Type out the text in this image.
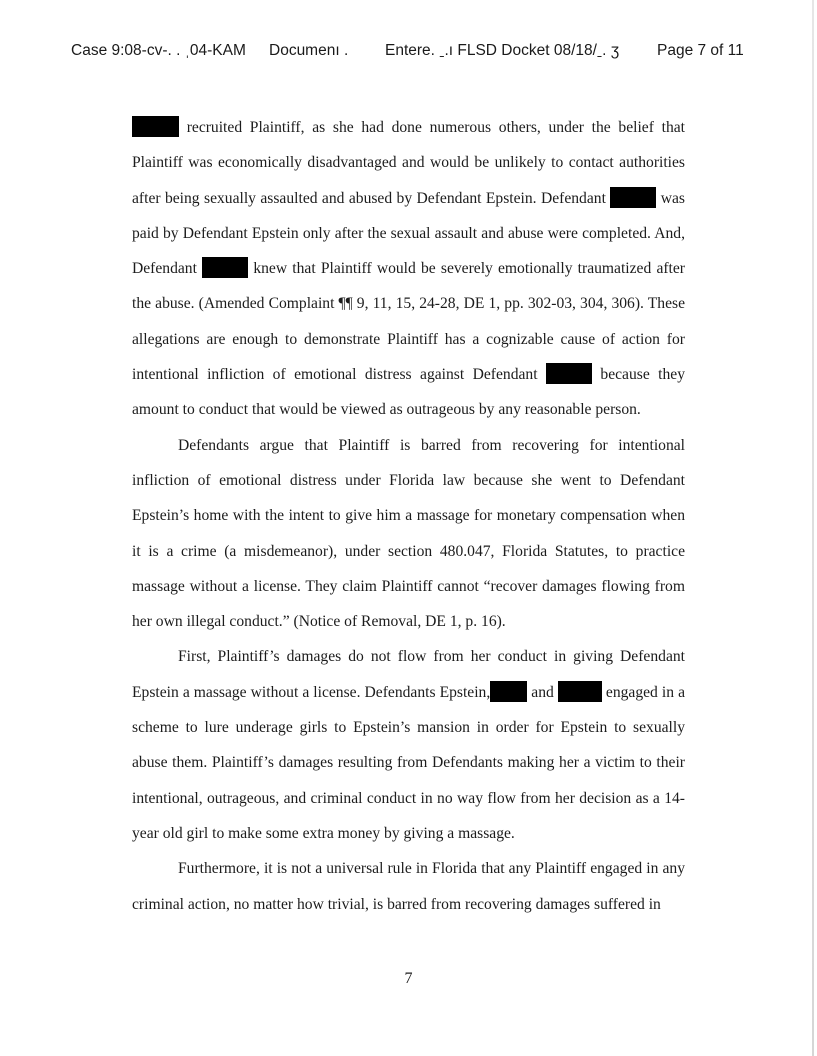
Case 9:08-cv-. . ˌ04-KAM Documenı . Entere. ˍ.ı FLSD Docket 08/18/ˍ. ʒ Page 7 of 11

recruited Plaintiff, as she had done numerous others, under the belief that Plaintiff was economically disadvantaged and would be unlikely to contact authorities after being sexually assaulted and abused by Defendant Epstein. Defendant	was paid by Defendant Epstein only after the sexual assault and abuse were completed. And, Defendant	knew that Plaintiff would be severely emotionally traumatized after the abuse. (Amended Complaint ¶¶ 9, 11, 15, 24-28, DE 1, pp. 302-03, 304, 306). These allegations are enough to demonstrate Plaintiff has a cognizable cause of action for intentional infliction of emotional distress against Defendant	because they amount to conduct that would be viewed as outrageous by any reasonable person.

Defendants argue that Plaintiff is barred from recovering for intentional infliction of emotional distress under Florida law because she went to Defendant Epstein’s home with the intent to give him a massage for monetary compensation when it is a crime (a misdemeanor), under section 480.047, Florida Statutes, to practice massage without a license. They claim Plaintiff cannot “recover damages flowing from her own illegal conduct.” (Notice of Removal, DE 1, p. 16).

First, Plaintiff’s damages do not flow from her conduct in giving Defendant Epstein a massage without a license. Defendants Epstein,	and	engaged in a scheme to lure underage girls to Epstein’s mansion in order for Epstein to sexually abuse them. Plaintiff’s damages resulting from Defendants making her a victim to their intentional, outrageous, and criminal conduct in no way flow from her decision as a 14-year old girl to make some extra money by giving a massage.

Furthermore, it is not a universal rule in Florida that any Plaintiff engaged in any criminal action, no matter how trivial, is barred from recovering damages suffered in

7
